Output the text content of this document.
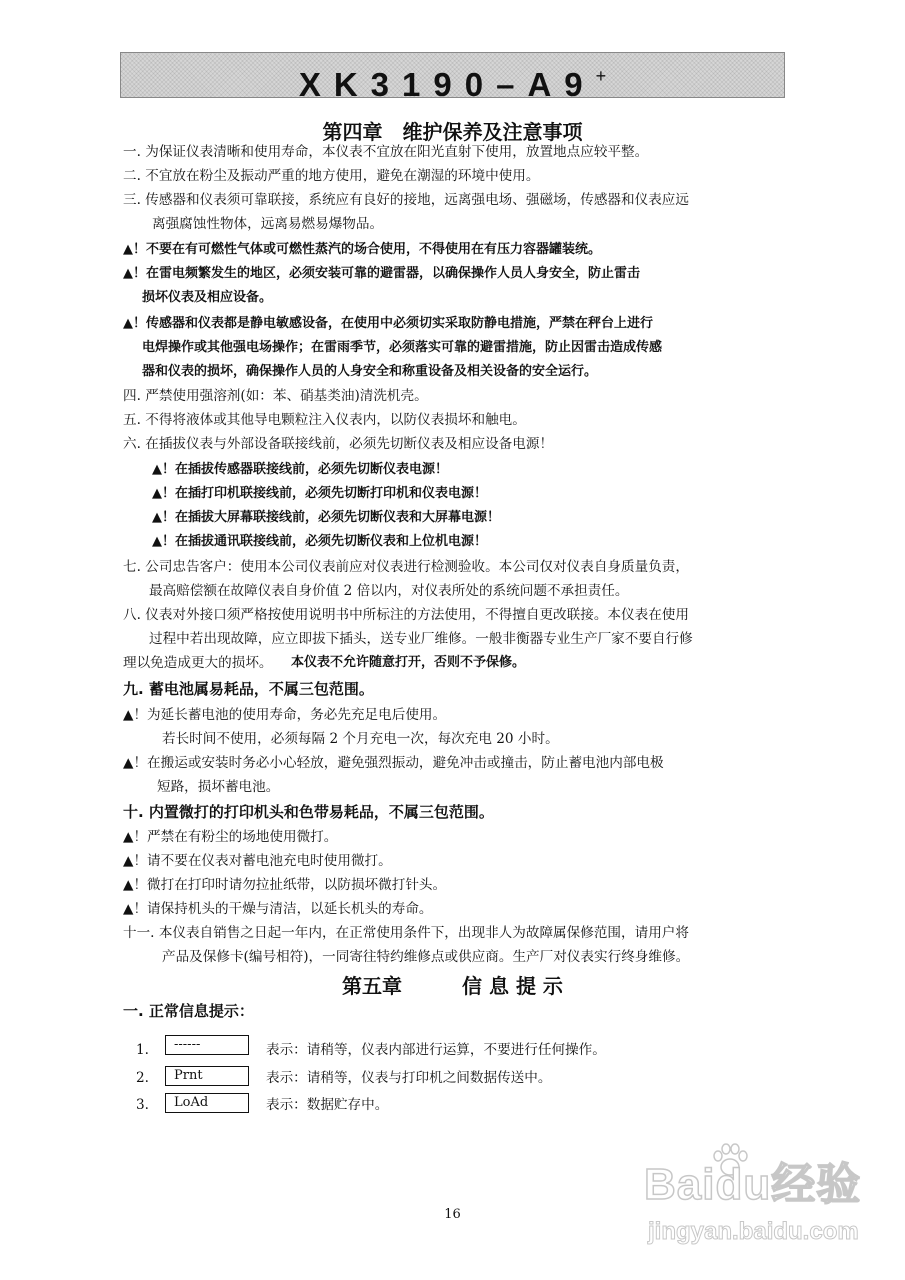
XK3190–A9+
第四章　维护保养及注意事项
一. 为保证仪表清晰和使用寿命，本仪表不宜放在阳光直射下使用，放置地点应较平整。
二. 不宜放在粉尘及振动严重的地方使用，避免在潮湿的环境中使用。
三. 传感器和仪表须可靠联接，系统应有良好的接地，远离强电场、强磁场，传感器和仪表应远
离强腐蚀性物体，远离易燃易爆物品。
▲！不要在有可燃性气体或可燃性蒸汽的场合使用，不得使用在有压力容器罐装统。
▲！在雷电频繁发生的地区，必须安装可靠的避雷器，以确保操作人员人身安全，防止雷击
损坏仪表及相应设备。
▲！传感器和仪表都是静电敏感设备，在使用中必须切实采取防静电措施，严禁在秤台上进行
电焊操作或其他强电场操作；在雷雨季节，必须落实可靠的避雷措施，防止因雷击造成传感
器和仪表的损坏，确保操作人员的人身安全和称重设备及相关设备的安全运行。
四. 严禁使用强溶剂(如：苯、硝基类油)清洗机壳。
五. 不得将液体或其他导电颗粒注入仪表内，以防仪表损坏和触电。
六. 在插拔仪表与外部设备联接线前，必须先切断仪表及相应设备电源！
▲！在插拔传感器联接线前，必须先切断仪表电源！
▲！在插打印机联接线前，必须先切断打印机和仪表电源！
▲！在插拔大屏幕联接线前，必须先切断仪表和大屏幕电源！
▲！在插拔通讯联接线前，必须先切断仪表和上位机电源！
七. 公司忠告客户：使用本公司仪表前应对仪表进行检测验收。本公司仅对仪表自身质量负责，
最高赔偿额在故障仪表自身价值 2 倍以内，对仪表所处的系统问题不承担责任。
八. 仪表对外接口须严格按使用说明书中所标注的方法使用，不得擅自更改联接。本仪表在使用
过程中若出现故障，应立即拔下插头，送专业厂维修。一般非衡器专业生产厂家不要自行修
理以免造成更大的损坏。 本仪表不允许随意打开，否则不予保修。
九. 蓄电池属易耗品，不属三包范围。
▲！为延长蓄电池的使用寿命，务必先充足电后使用。
若长时间不使用，必须每隔 2 个月充电一次，每次充电 20 小时。
▲！在搬运或安装时务必小心轻放，避免强烈振动，避免冲击或撞击，防止蓄电池内部电极
短路，损坏蓄电池。
十. 内置微打的打印机头和色带易耗品，不属三包范围。
▲！严禁在有粉尘的场地使用微打。
▲！请不要在仪表对蓄电池充电时使用微打。
▲！微打在打印时请勿拉扯纸带，以防损坏微打针头。
▲！请保持机头的干燥与清洁，以延长机头的寿命。
十一. 本仪表自销售之日起一年内，在正常使用条件下，出现非人为故障属保修范围，请用户将
产品及保修卡(编号相符)，一同寄往特约维修点或供应商。生产厂对仪表实行终身维修。
第五章　　　信 息 提 示
一. 正常信息提示：
1.	------	表示：请稍等，仪表内部进行运算，不要进行任何操作。
2.	Prnt	表示：请稍等，仪表与打印机之间数据传送中。
3.	LoAd	表示：数据贮存中。
16
Baidu经验
jingyan.baidu.com
